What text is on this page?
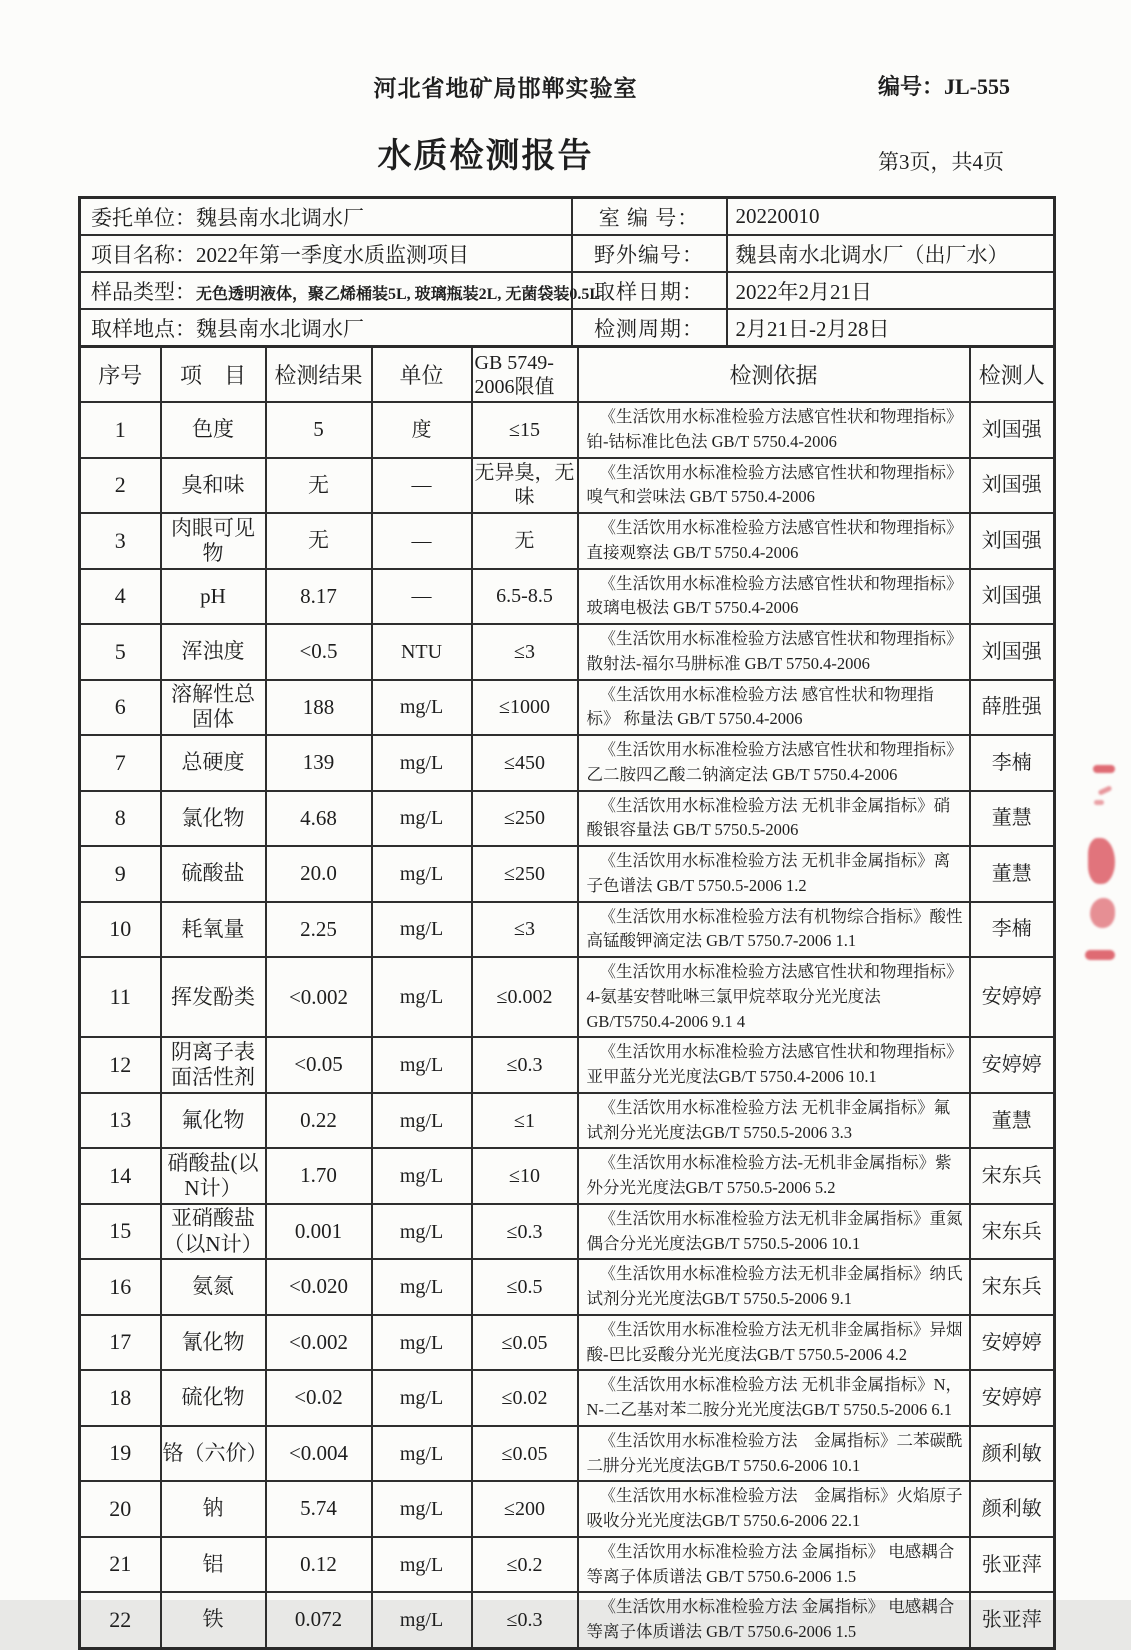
河北省地矿局邯郸实验室	编号：JL-555
水质检测报告	第3页，共4页
委托单位：魏县南水北调水厂	室 编 号：	20220010
项目名称：2022年第一季度水质监测项目	野外编号：	魏县南水北调水厂（出厂水）
样品类型：无色透明液体，聚乙烯桶装5L, 玻璃瓶装2L, 无菌袋装0.5L	取样日期：	2022年2月21日
取样地点：魏县南水北调水厂	检测周期：	2月21日-2月28日
序号	项　目	检测结果	单位	GB 5749-2006限值	检测依据	检测人
1	色度	5	度	≤15	《生活饮用水标准检验方法感官性状和物理指标》铂-钴标准比色法 GB/T 5750.4-2006	刘国强
2	臭和味	无	—	无异臭，无味	《生活饮用水标准检验方法感官性状和物理指标》嗅气和尝味法 GB/T 5750.4-2006	刘国强
3	肉眼可见物	无	—	无	《生活饮用水标准检验方法感官性状和物理指标》直接观察法 GB/T 5750.4-2006	刘国强
4	pH	8.17	—	6.5-8.5	《生活饮用水标准检验方法感官性状和物理指标》玻璃电极法 GB/T 5750.4-2006	刘国强
5	浑浊度	<0.5	NTU	≤3	《生活饮用水标准检验方法感官性状和物理指标》散射法-福尔马肼标准 GB/T 5750.4-2006	刘国强
6	溶解性总固体	188	mg/L	≤1000	《生活饮用水标准检验方法 感官性状和物理指标》 称量法 GB/T 5750.4-2006	薛胜强
7	总硬度	139	mg/L	≤450	《生活饮用水标准检验方法感官性状和物理指标》乙二胺四乙酸二钠滴定法 GB/T 5750.4-2006	李楠
8	氯化物	4.68	mg/L	≤250	《生活饮用水标准检验方法 无机非金属指标》硝酸银容量法 GB/T 5750.5-2006	董慧
9	硫酸盐	20.0	mg/L	≤250	《生活饮用水标准检验方法 无机非金属指标》离子色谱法 GB/T 5750.5-2006 1.2	董慧
10	耗氧量	2.25	mg/L	≤3	《生活饮用水标准检验方法有机物综合指标》酸性高锰酸钾滴定法 GB/T 5750.7-2006 1.1	李楠
11	挥发酚类	<0.002	mg/L	≤0.002	《生活饮用水标准检验方法感官性状和物理指标》4-氨基安替吡啉三氯甲烷萃取分光光度法 GB/T5750.4-2006 9.1 4	安婷婷
12	阴离子表面活性剂	<0.05	mg/L	≤0.3	《生活饮用水标准检验方法感官性状和物理指标》亚甲蓝分光光度法GB/T 5750.4-2006 10.1	安婷婷
13	氟化物	0.22	mg/L	≤1	《生活饮用水标准检验方法 无机非金属指标》氟试剂分光光度法GB/T 5750.5-2006 3.3	董慧
14	硝酸盐(以N计）	1.70	mg/L	≤10	《生活饮用水标准检验方法-无机非金属指标》紫外分光光度法GB/T 5750.5-2006 5.2	宋东兵
15	亚硝酸盐（以N计）	0.001	mg/L	≤0.3	《生活饮用水标准检验方法无机非金属指标》重氮偶合分光光度法GB/T 5750.5-2006 10.1	宋东兵
16	氨氮	<0.020	mg/L	≤0.5	《生活饮用水标准检验方法无机非金属指标》纳氏试剂分光光度法GB/T 5750.5-2006 9.1	宋东兵
17	氰化物	<0.002	mg/L	≤0.05	《生活饮用水标准检验方法无机非金属指标》异烟酸-巴比妥酸分光光度法GB/T 5750.5-2006 4.2	安婷婷
18	硫化物	<0.02	mg/L	≤0.02	《生活饮用水标准检验方法 无机非金属指标》N，N-二乙基对苯二胺分光光度法GB/T 5750.5-2006 6.1	安婷婷
19	铬（六价）	<0.004	mg/L	≤0.05	《生活饮用水标准检验方法　金属指标》二苯碳酰二肼分光光度法GB/T 5750.6-2006 10.1	颜利敏
20	钠	5.74	mg/L	≤200	《生活饮用水标准检验方法　金属指标》火焰原子吸收分光光度法GB/T 5750.6-2006 22.1	颜利敏
21	铝	0.12	mg/L	≤0.2	《生活饮用水标准检验方法 金属指标》 电感耦合等离子体质谱法 GB/T 5750.6-2006 1.5	张亚萍
22	铁	0.072	mg/L	≤0.3	《生活饮用水标准检验方法 金属指标》 电感耦合等离子体质谱法 GB/T 5750.6-2006 1.5	张亚萍
